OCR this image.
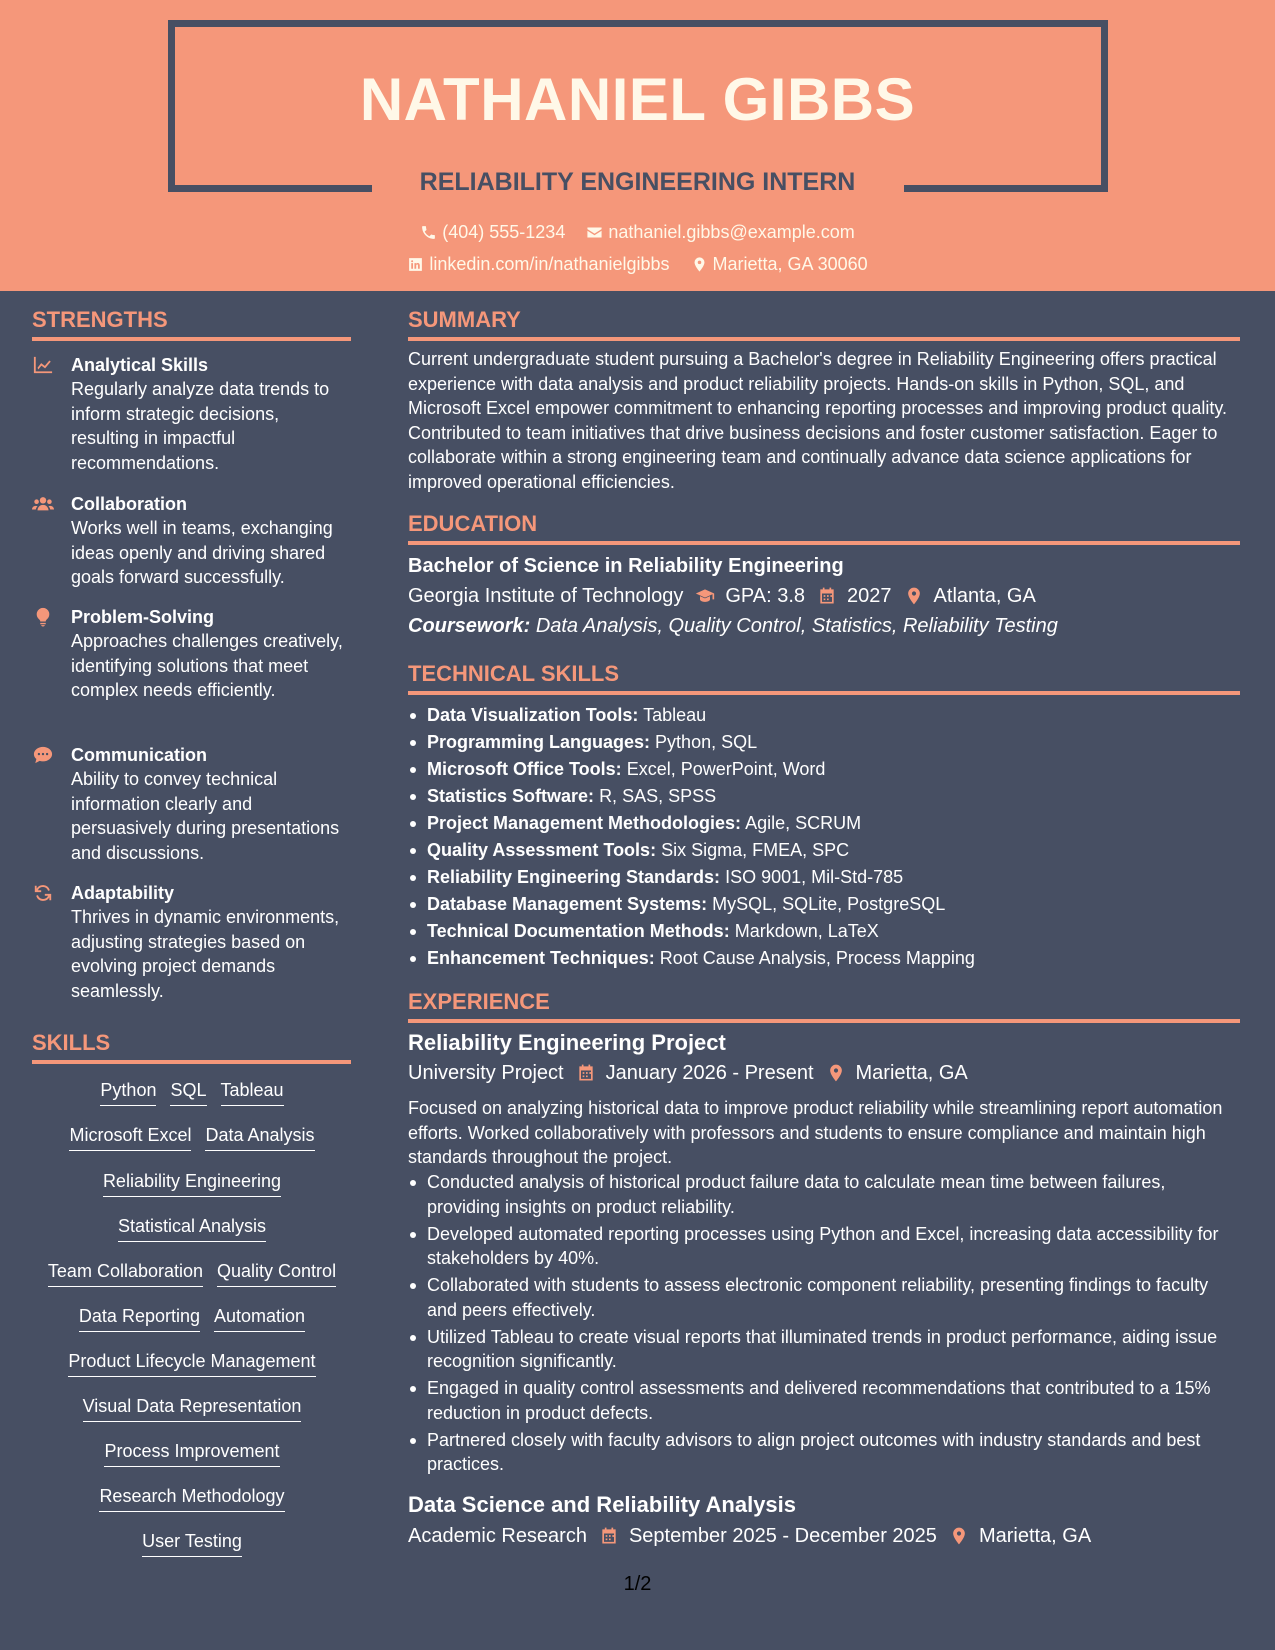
NATHANIEL GIBBS
RELIABILITY ENGINEERING INTERN
(404) 555-1234
nathaniel.gibbs@example.com
linkedin.com/in/nathanielgibbs
Marietta, GA 30060
STRENGTHS
Analytical Skills
Regularly analyze data trends to inform strategic decisions, resulting in impactful recommendations.
Collaboration
Works well in teams, exchanging ideas openly and driving shared goals forward successfully.
Problem-Solving
Approaches challenges creatively, identifying solutions that meet complex needs efficiently.
Communication
Ability to convey technical information clearly and persuasively during presentations and discussions.
Adaptability
Thrives in dynamic environments, adjusting strategies based on evolving project demands seamlessly.
SKILLS
Python SQL Tableau
Microsoft Excel Data Analysis
Reliability Engineering
Statistical Analysis
Team Collaboration Quality Control
Data Reporting Automation
Product Lifecycle Management
Visual Data Representation
Process Improvement
Research Methodology
User Testing
SUMMARY
Current undergraduate student pursuing a Bachelor's degree in Reliability Engineering offers practical experience with data analysis and product reliability projects. Hands-on skills in Python, SQL, and Microsoft Excel empower commitment to enhancing reporting processes and improving product quality. Contributed to team initiatives that drive business decisions and foster customer satisfaction. Eager to collaborate within a strong engineering team and continually advance data science applications for improved operational efficiencies.
EDUCATION
Bachelor of Science in Reliability Engineering
Georgia Institute of Technology GPA: 3.8 2027 Atlanta, GA
Coursework: Data Analysis, Quality Control, Statistics, Reliability Testing
TECHNICAL SKILLS
Data Visualization Tools: Tableau
Programming Languages: Python, SQL
Microsoft Office Tools: Excel, PowerPoint, Word
Statistics Software: R, SAS, SPSS
Project Management Methodologies: Agile, SCRUM
Quality Assessment Tools: Six Sigma, FMEA, SPC
Reliability Engineering Standards: ISO 9001, Mil-Std-785
Database Management Systems: MySQL, SQLite, PostgreSQL
Technical Documentation Methods: Markdown, LaTeX
Enhancement Techniques: Root Cause Analysis, Process Mapping
EXPERIENCE
Reliability Engineering Project
University Project January 2026 - Present Marietta, GA
Focused on analyzing historical data to improve product reliability while streamlining report automation efforts. Worked collaboratively with professors and students to ensure compliance and maintain high standards throughout the project.
Conducted analysis of historical product failure data to calculate mean time between failures, providing insights on product reliability.
Developed automated reporting processes using Python and Excel, increasing data accessibility for stakeholders by 40%.
Collaborated with students to assess electronic component reliability, presenting findings to faculty and peers effectively.
Utilized Tableau to create visual reports that illuminated trends in product performance, aiding issue recognition significantly.
Engaged in quality control assessments and delivered recommendations that contributed to a 15% reduction in product defects.
Partnered closely with faculty advisors to align project outcomes with industry standards and best practices.
Data Science and Reliability Analysis
Academic Research September 2025 - December 2025 Marietta, GA
1/2
